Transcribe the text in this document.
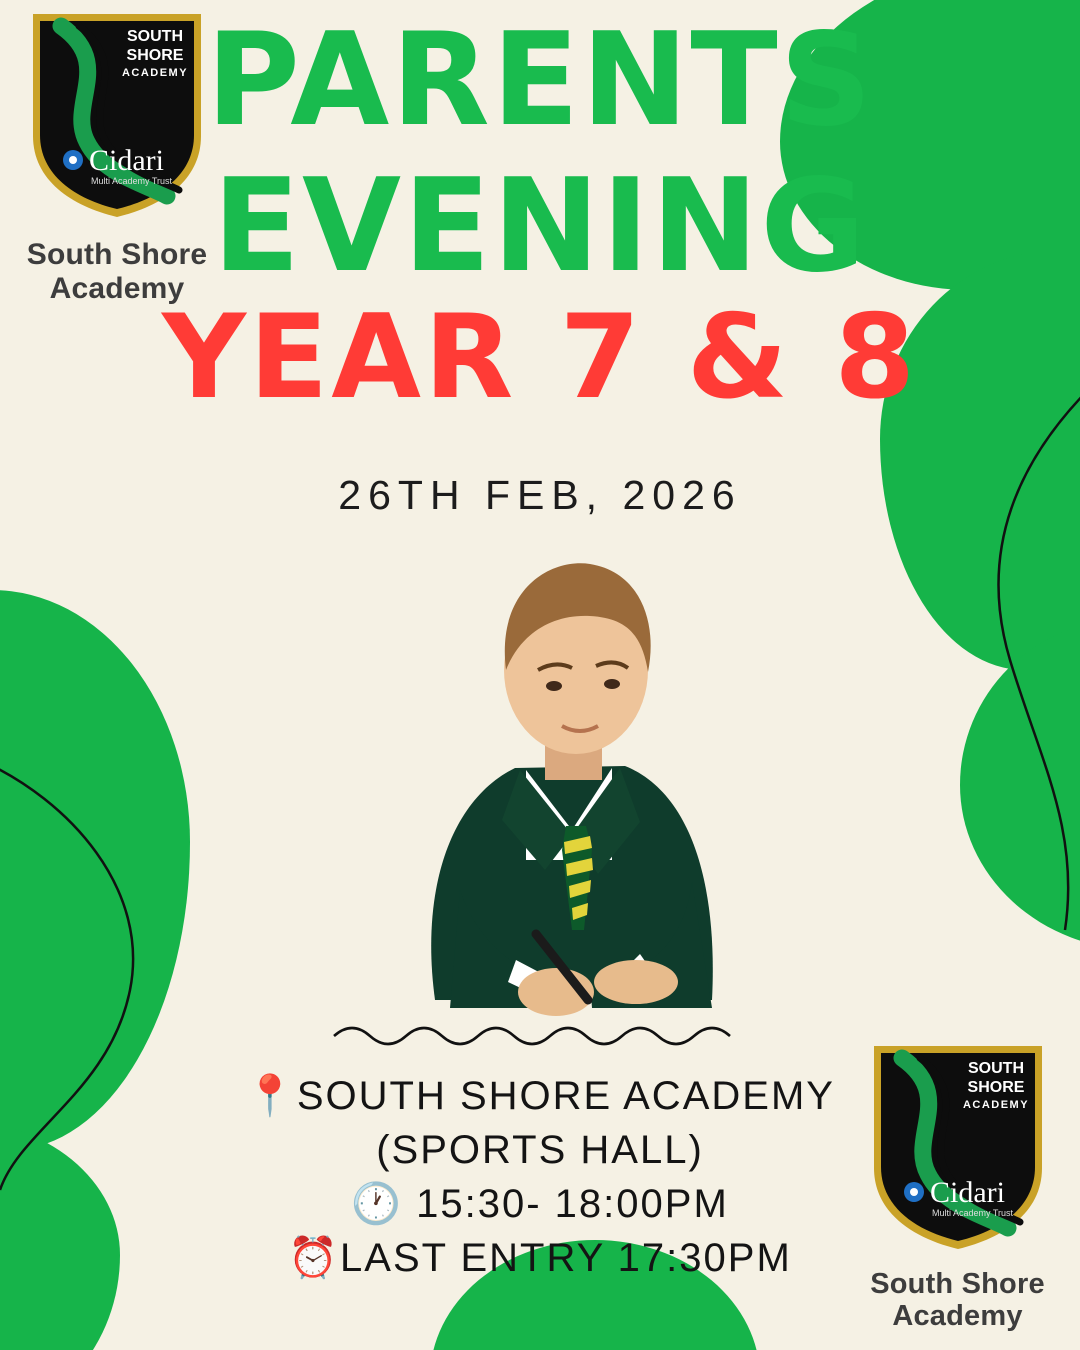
SOUTH
SHORE
ACADEMY
Cidari
Multi Academy Trust
South Shore
Academy
PARENTS
EVENING
YEAR 7 & 8
26TH FEB, 2026
📍SOUTH SHORE ACADEMY
(SPORTS HALL)
🕐 15:30- 18:00PM
⏰LAST ENTRY 17:30PM
SOUTH
SHORE
ACADEMY
Cidari
Multi Academy Trust
South Shore
Academy
